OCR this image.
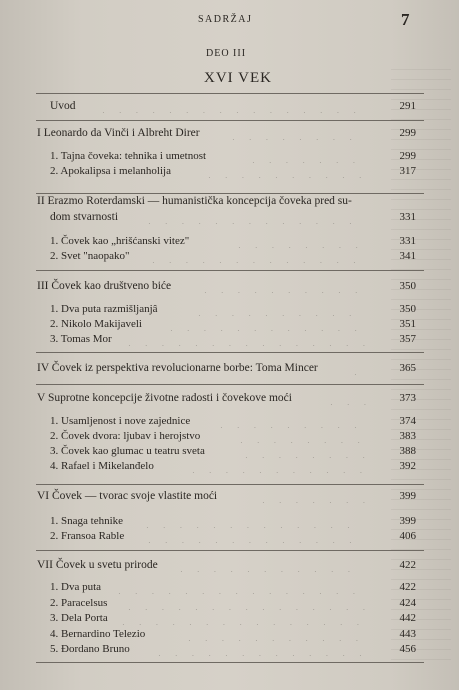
SADRŽAJ	7
DEO III
XVI VEK
Uvod . . . . . . . . . . . . . . . .	291
I Leonardo da Vinči i Albreht Direr	. . . . . . . .	299
1. Tajna čoveka: tehnika i umetnost	. . . . . . .	299
2. Apokalipsa i melanholija	. . . . . . . . . .	317
II Erazmo Roterdamski — humanistička koncepcija čoveka pred su-
dom stvarnosti	. . . . . . . . . . . . .	331
1. Čovek kao „hrišćanski vitez"	. . . . . . . .	331
2. Svet "naopako" . . . . . . . . . . . . .	341
III Čovek kao društveno biće	. . . . . . . . . .	350
1. Dva puta razmišljanjâ	. . . . . . . . . .	350
2. Nikolo Makijaveli . . . . . . . . . . . .	351
3. Tomas Mor . . . . . . . . . . . . . . .	357
IV Čovek iz perspektiva revolucionarne borbe: Toma Mincer	.	365
V Suprotne koncepcije životne radosti i čovekove moći	. . .	373
1. Usamljenost i nove zajednice	. . . . . . . . .	374
2. Čovek dvora: ljubav i herojstvo	. . . . . . . .	383
3. Čovek kao glumac u teatru sveta	. . . . . . . .	388
4. Rafael i Mikelanđelo	. . . . . . . . . . .	392
VI Čovek — tvorac svoje vlastite moći	. . . . . . .	399
1. Snaga tehnike . . . . . . . . . . . . .	399
2. Fransoa Rable . . . . . . . . . . . . .	406
VII Čovek u svetu prirode . . . . . . . . . . .	422
1. Dva puta . . . . . . . . . . . . . . .	422
2. Paracelsus . . . . . . . . . . . . . . .	424
3. Dela Porta . . . . . . . . . . . . . . .	442
4. Bernardino Telezio	. . . . . . . . . . .	443
5. Đordano Bruno . . . . . . . . . . . . .	456
